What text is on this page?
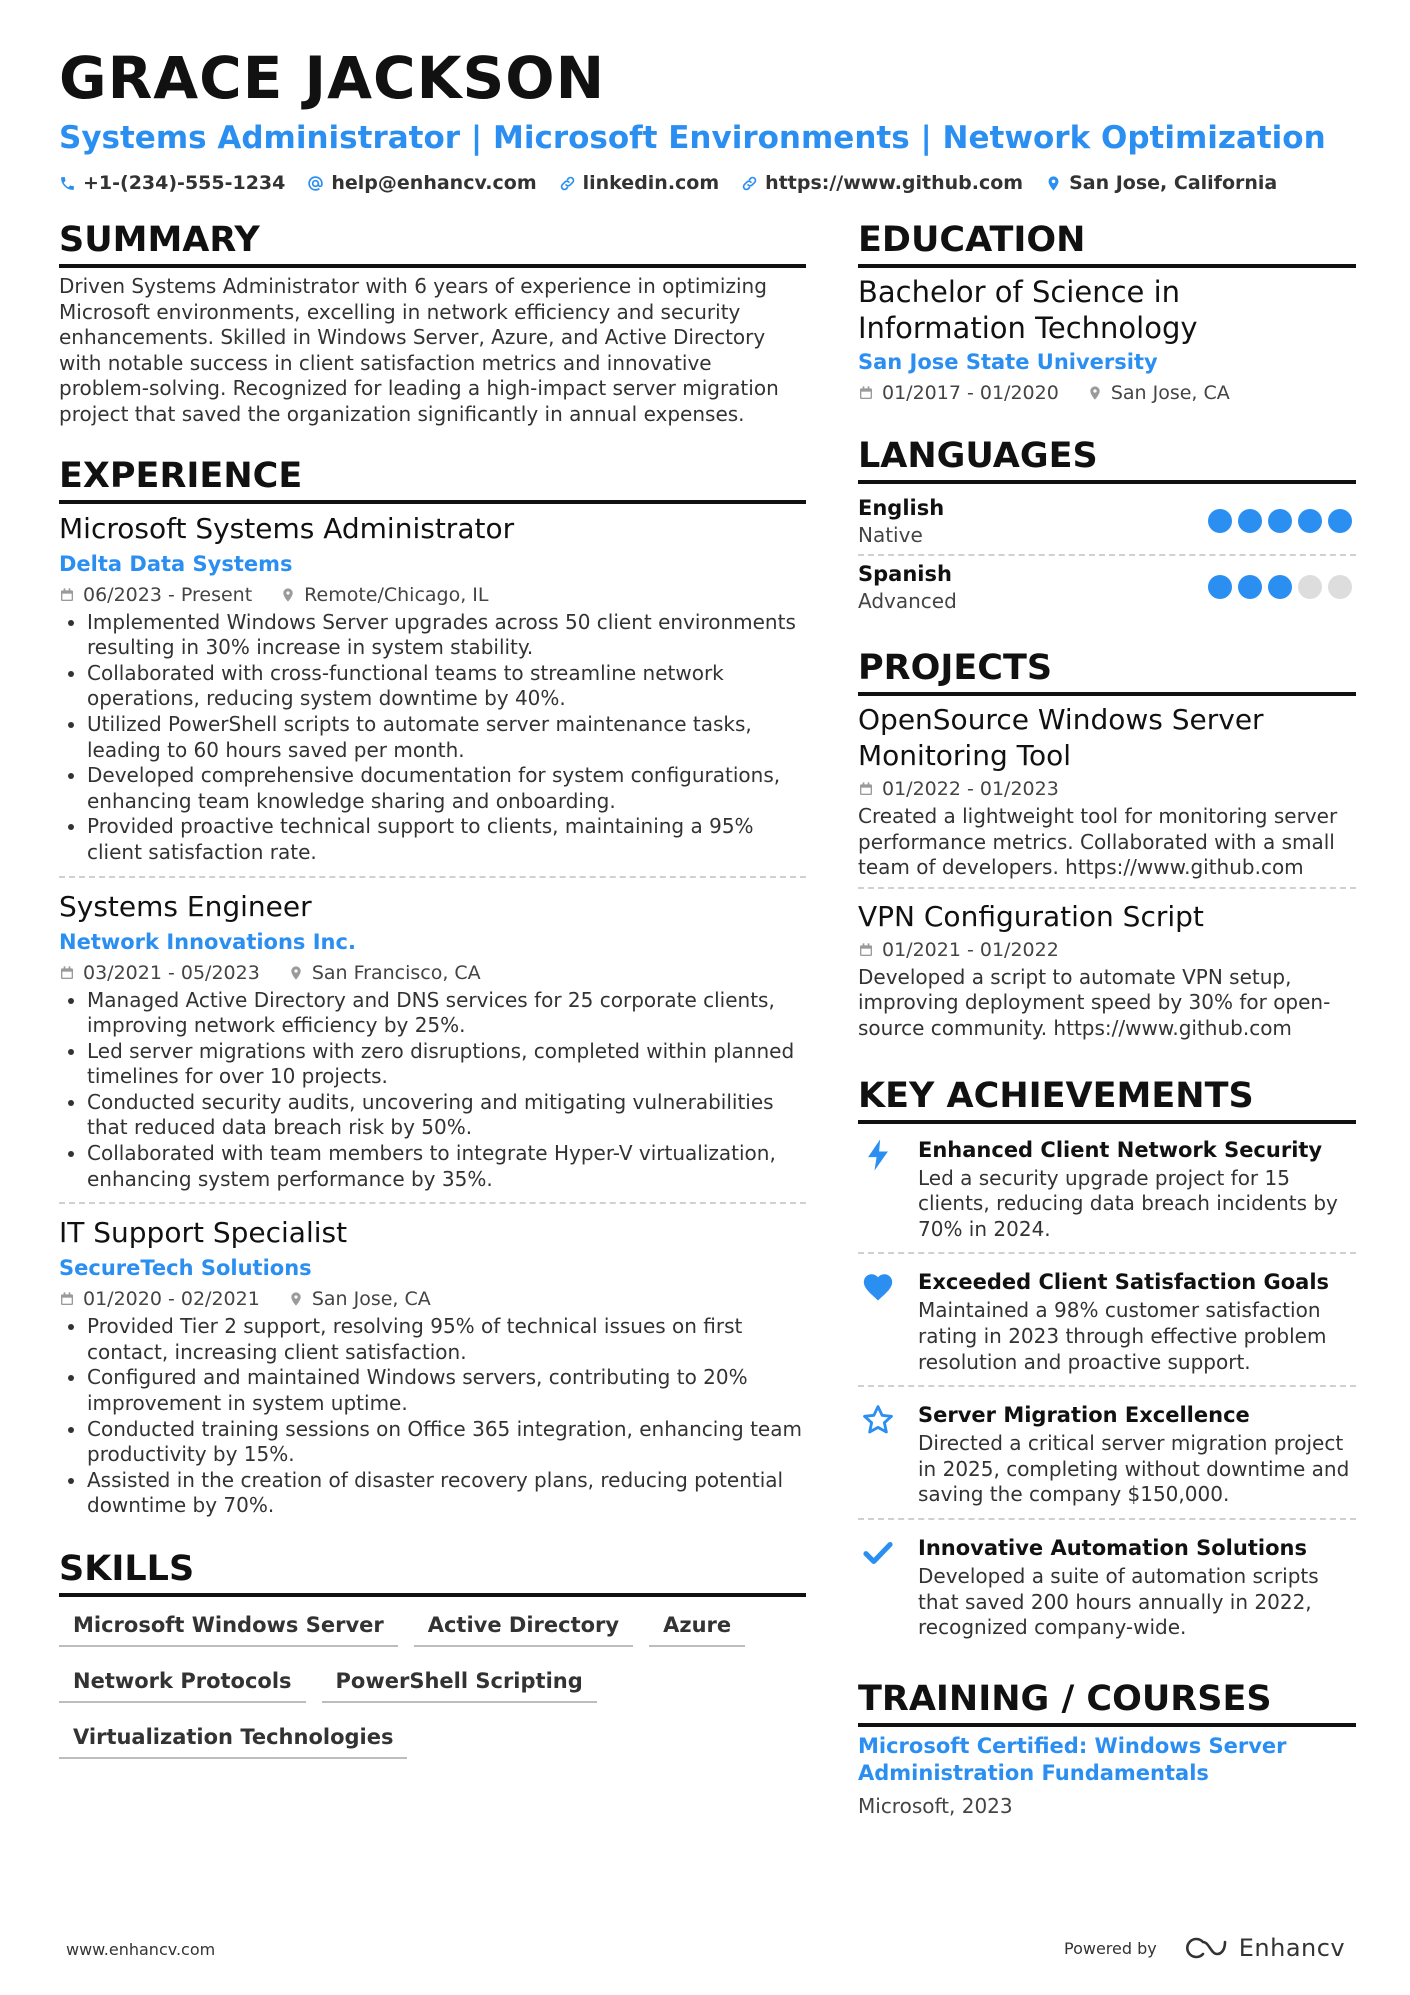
GRACE JACKSON
Systems Administrator | Microsoft Environments | Network Optimization
+1-(234)-555-1234 help@enhancv.com linkedin.com https://www.github.com San Jose, California
SUMMARY
Driven Systems Administrator with 6 years of experience in optimizing Microsoft environments, excelling in network efficiency and security enhancements. Skilled in Windows Server, Azure, and Active Directory with notable success in client satisfaction metrics and innovative problem-solving. Recognized for leading a high-impact server migration project that saved the organization significantly in annual expenses.
EXPERIENCE
Microsoft Systems Administrator
Delta Data Systems
06/2023 - Present	Remote/Chicago, IL
• Implemented Windows Server upgrades across 50 client environments resulting in 30% increase in system stability.
• Collaborated with cross-functional teams to streamline network operations, reducing system downtime by 40%.
• Utilized PowerShell scripts to automate server maintenance tasks, leading to 60 hours saved per month.
• Developed comprehensive documentation for system configurations, enhancing team knowledge sharing and onboarding.
• Provided proactive technical support to clients, maintaining a 95% client satisfaction rate.
Systems Engineer
Network Innovations Inc.
03/2021 - 05/2023	San Francisco, CA
• Managed Active Directory and DNS services for 25 corporate clients, improving network efficiency by 25%.
• Led server migrations with zero disruptions, completed within planned timelines for over 10 projects.
• Conducted security audits, uncovering and mitigating vulnerabilities that reduced data breach risk by 50%.
• Collaborated with team members to integrate Hyper-V virtualization, enhancing system performance by 35%.
IT Support Specialist
SecureTech Solutions
01/2020 - 02/2021	San Jose, CA
• Provided Tier 2 support, resolving 95% of technical issues on first contact, increasing client satisfaction.
• Configured and maintained Windows servers, contributing to 20% improvement in system uptime.
• Conducted training sessions on Office 365 integration, enhancing team productivity by 15%.
• Assisted in the creation of disaster recovery plans, reducing potential downtime by 70%.
SKILLS
Microsoft Windows Server	Active Directory	Azure
Network Protocols	PowerShell Scripting
Virtualization Technologies
EDUCATION
Bachelor of Science in Information Technology
San Jose State University
01/2017 - 01/2020	San Jose, CA
LANGUAGES
English
Native
Spanish
Advanced
PROJECTS
OpenSource Windows Server Monitoring Tool
01/2022 - 01/2023
Created a lightweight tool for monitoring server performance metrics. Collaborated with a small team of developers. https://www.github.com
VPN Configuration Script
01/2021 - 01/2022
Developed a script to automate VPN setup, improving deployment speed by 30% for open-source community. https://www.github.com
KEY ACHIEVEMENTS
Enhanced Client Network Security
Led a security upgrade project for 15 clients, reducing data breach incidents by 70% in 2024.
Exceeded Client Satisfaction Goals
Maintained a 98% customer satisfaction rating in 2023 through effective problem resolution and proactive support.
Server Migration Excellence
Directed a critical server migration project in 2025, completing without downtime and saving the company $150,000.
Innovative Automation Solutions
Developed a suite of automation scripts that saved 200 hours annually in 2022, recognized company-wide.
TRAINING / COURSES
Microsoft Certified: Windows Server Administration Fundamentals
Microsoft, 2023
www.enhancv.com	Powered by	Enhancv
